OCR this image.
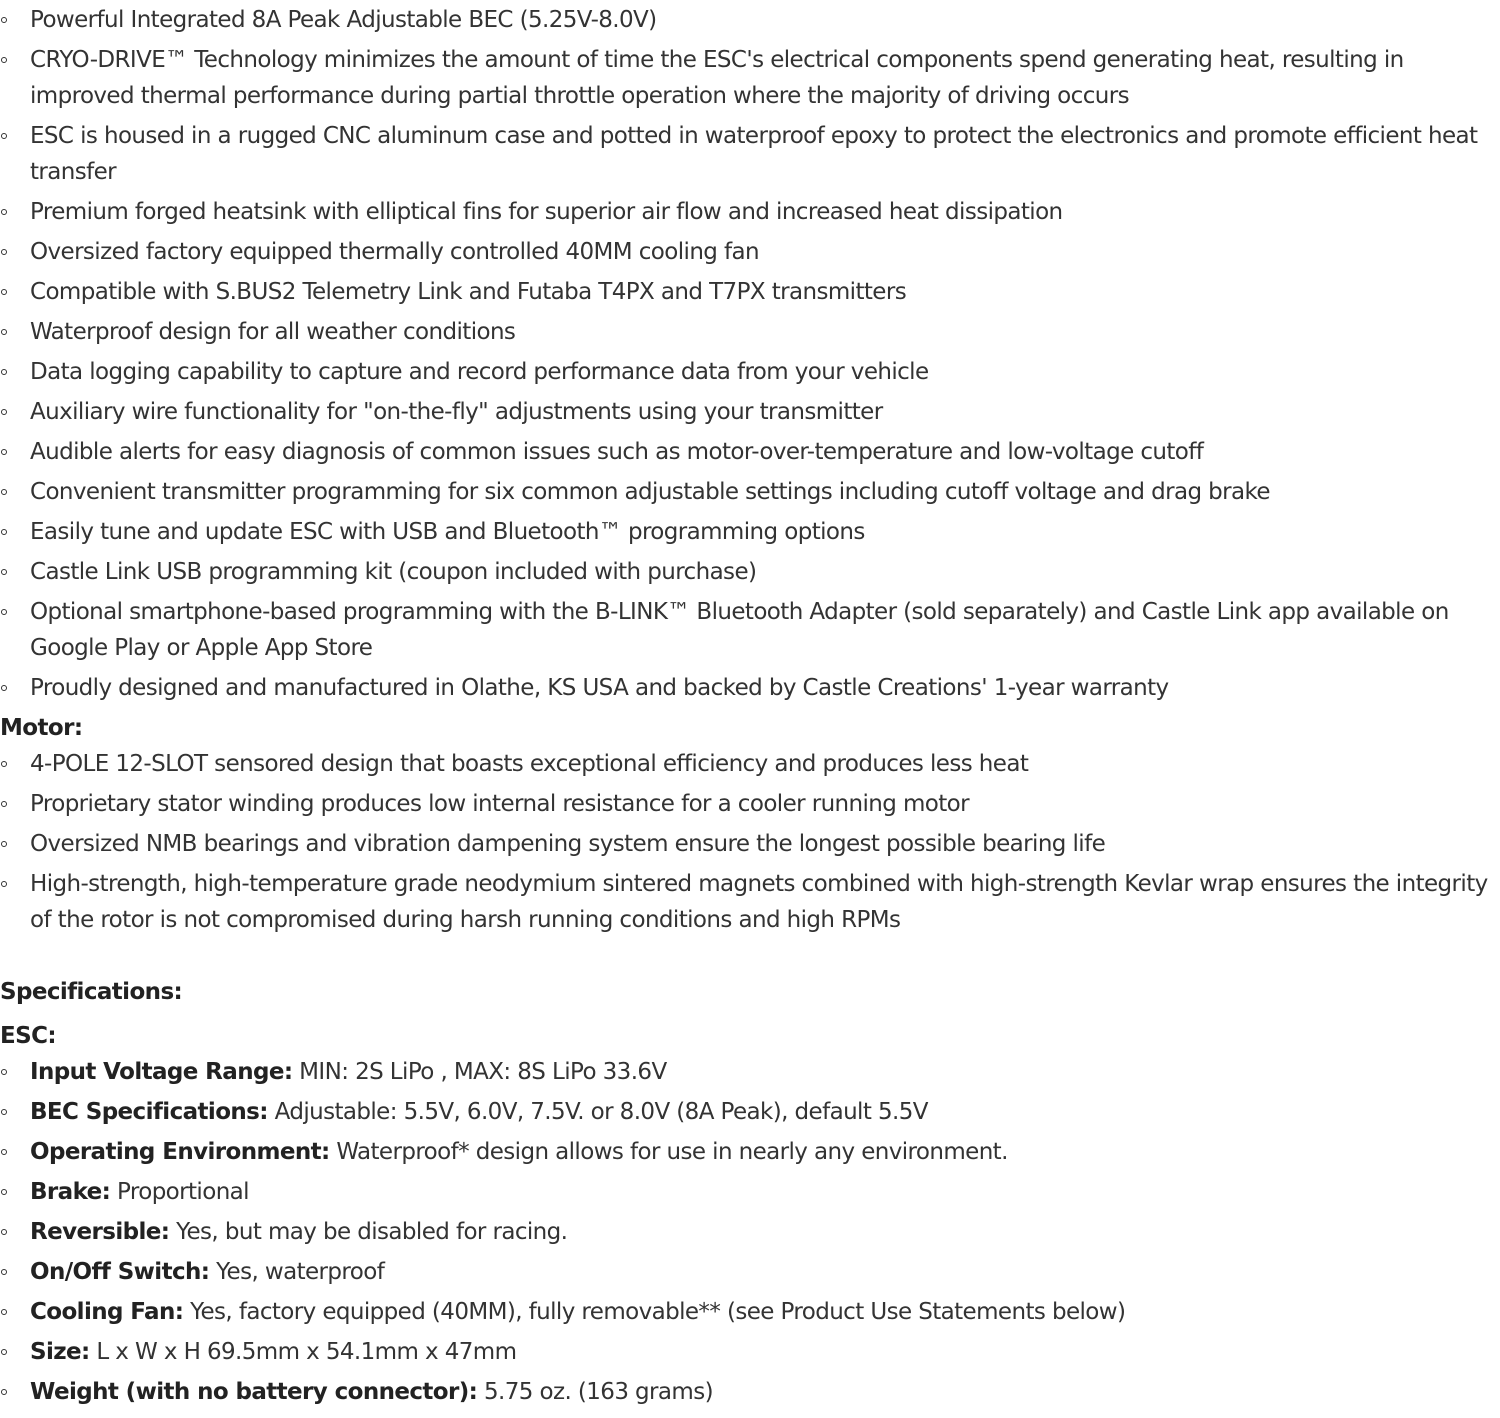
Powerful Integrated 8A Peak Adjustable BEC (5.25V-8.0V)
CRYO-DRIVE™ Technology minimizes the amount of time the ESC's electrical components spend generating heat, resulting in improved thermal performance during partial throttle operation where the majority of driving occurs
ESC is housed in a rugged CNC aluminum case and potted in waterproof epoxy to protect the electronics and promote efficient heat transfer
Premium forged heatsink with elliptical fins for superior air flow and increased heat dissipation
Oversized factory equipped thermally controlled 40MM cooling fan
Compatible with S.BUS2 Telemetry Link and Futaba T4PX and T7PX transmitters
Waterproof design for all weather conditions
Data logging capability to capture and record performance data from your vehicle
Auxiliary wire functionality for "on-the-fly" adjustments using your transmitter
Audible alerts for easy diagnosis of common issues such as motor-over-temperature and low-voltage cutoff
Convenient transmitter programming for six common adjustable settings including cutoff voltage and drag brake
Easily tune and update ESC with USB and Bluetooth™ programming options
Castle Link USB programming kit (coupon included with purchase)
Optional smartphone-based programming with the B-LINK™ Bluetooth Adapter (sold separately) and Castle Link app available on Google Play or Apple App Store
Proudly designed and manufactured in Olathe, KS USA and backed by Castle Creations' 1-year warranty
Motor:
4-POLE 12-SLOT sensored design that boasts exceptional efficiency and produces less heat
Proprietary stator winding produces low internal resistance for a cooler running motor
Oversized NMB bearings and vibration dampening system ensure the longest possible bearing life
High-strength, high-temperature grade neodymium sintered magnets combined with high-strength Kevlar wrap ensures the integrity of the rotor is not compromised during harsh running conditions and high RPMs
Specifications:
ESC:
Input Voltage Range: MIN: 2S LiPo , MAX: 8S LiPo 33.6V
BEC Specifications: Adjustable: 5.5V, 6.0V, 7.5V. or 8.0V (8A Peak), default 5.5V
Operating Environment: Waterproof* design allows for use in nearly any environment.
Brake: Proportional
Reversible: Yes, but may be disabled for racing.
On/Off Switch: Yes, waterproof
Cooling Fan: Yes, factory equipped (40MM), fully removable** (see Product Use Statements below)
Size: L x W x H 69.5mm x 54.1mm x 47mm
Weight (with no battery connector): 5.75 oz. (163 grams)
